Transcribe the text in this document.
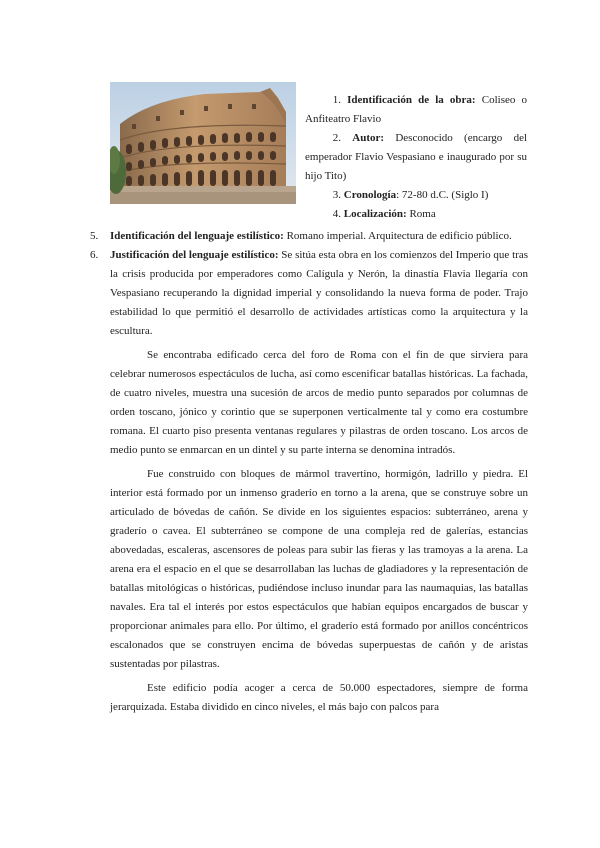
1. Identificación de la obra: Coliseo o Anfiteatro Flavio

2. Autor: Desconocido (encargo del emperador Flavio Vespasiano e inaugurado por su hijo Tito)

3. Cronología: 72-80 d.C. (Siglo I)

4. Localización: Roma

5. Identificación del lenguaje estilístico: Romano imperial. Arquitectura de edificio público.
6. Justificación del lenguaje estilístico: Se sitúa esta obra en los comienzos del Imperio que tras la crisis producida por emperadores como Calígula y Nerón, la dinastía Flavia llegaría con Vespasiano recuperando la dignidad imperial y consolidando la nueva forma de poder. Trajo estabilidad lo que permitió el desarrollo de actividades artísticas como la arquitectura y la escultura.

Se encontraba edificado cerca del foro de Roma con el fin de que sirviera para celebrar numerosos espectáculos de lucha, así como escenificar batallas históricas. La fachada, de cuatro niveles, muestra una sucesión de arcos de medio punto separados por columnas de orden toscano, jónico y corintio que se superponen verticalmente tal y como era costumbre romana. El cuarto piso presenta ventanas regulares y pilastras de orden toscano. Los arcos de medio punto se enmarcan en un dintel y su parte interna se denomina intradós.

Fue construido con bloques de mármol travertino, hormigón, ladrillo y piedra. El interior está formado por un inmenso graderío en torno a la arena, que se construye sobre un articulado de bóvedas de cañón. Se divide en los siguientes espacios: subterráneo, arena y graderío o cavea. El subterráneo se compone de una compleja red de galerías, estancias abovedadas, escaleras, ascensores de poleas para subir las fieras y las tramoyas a la arena. La arena era el espacio en el que se desarrollaban las luchas de gladiadores y la representación de batallas mitológicas o históricas, pudiéndose incluso inundar para las naumaquias, las batallas navales. Era tal el interés por estos espectáculos que habían equipos encargados de buscar y proporcionar animales para ello. Por último, el graderío está formado por anillos concéntricos escalonados que se construyen encima de bóvedas superpuestas de cañón y de aristas sustentadas por pilastras.

Este edificio podía acoger a cerca de 50.000 espectadores, siempre de forma jerarquizada. Estaba dividido en cinco niveles, el más bajo con palcos para
